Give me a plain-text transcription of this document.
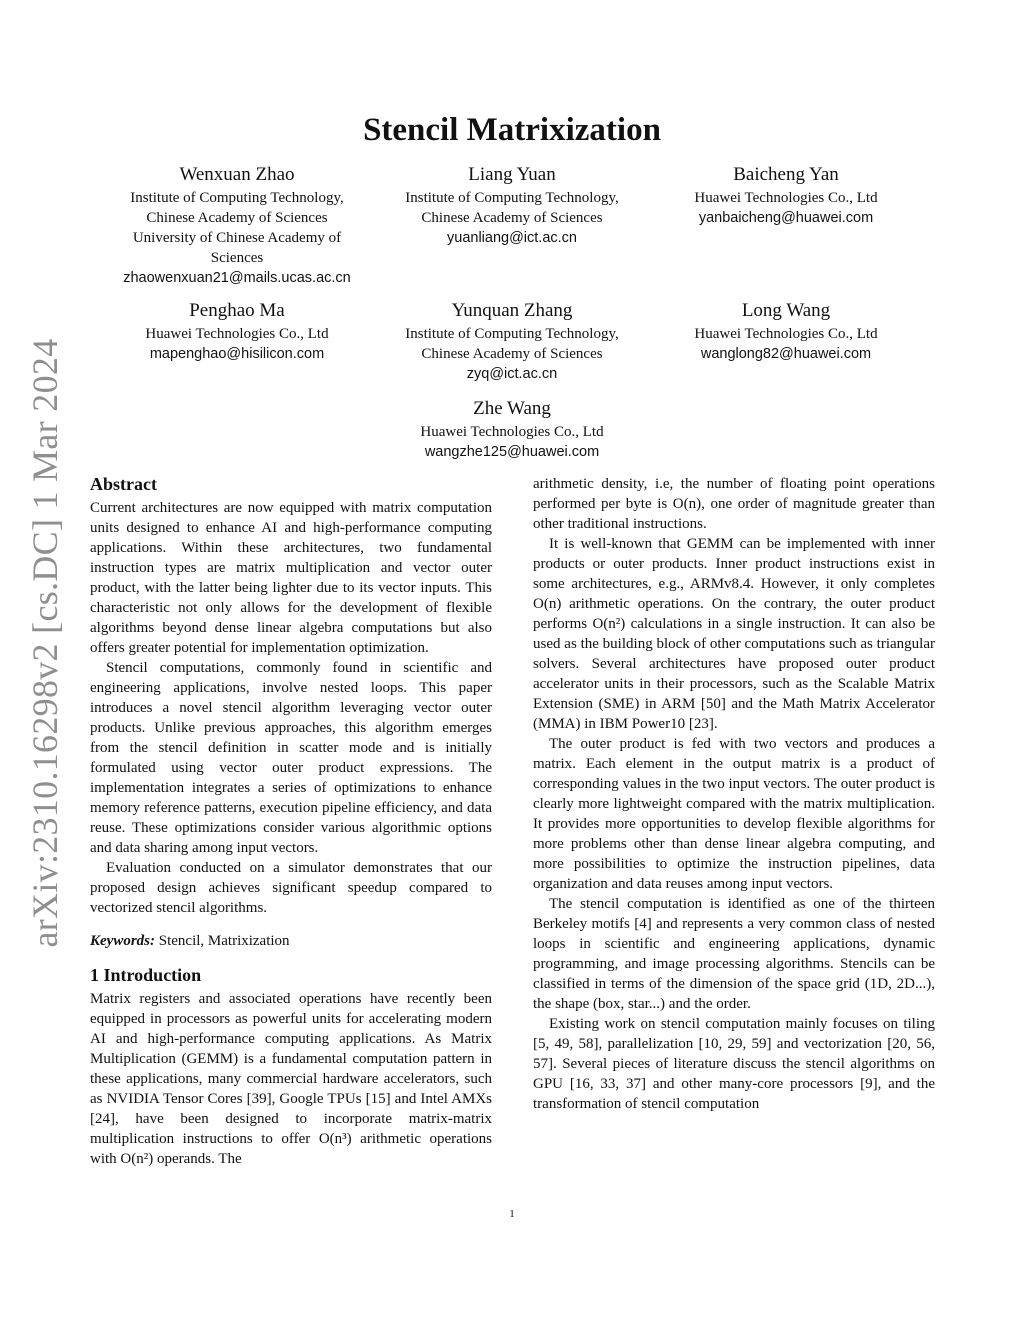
arXiv:2310.16298v2 [cs.DC] 1 Mar 2024
Stencil Matrixization
Wenxuan Zhao
Institute of Computing Technology,
Chinese Academy of Sciences
University of Chinese Academy of
Sciences
zhaowenxuan21@mails.ucas.ac.cn
Liang Yuan
Institute of Computing Technology,
Chinese Academy of Sciences
yuanliang@ict.ac.cn
Baicheng Yan
Huawei Technologies Co., Ltd
yanbaicheng@huawei.com
Penghao Ma
Huawei Technologies Co., Ltd
mapenghao@hisilicon.com
Yunquan Zhang
Institute of Computing Technology,
Chinese Academy of Sciences
zyq@ict.ac.cn
Long Wang
Huawei Technologies Co., Ltd
wanglong82@huawei.com
Zhe Wang
Huawei Technologies Co., Ltd
wangzhe125@huawei.com
Abstract

Current architectures are now equipped with matrix computation units designed to enhance AI and high-performance computing applications. Within these architectures, two fundamental instruction types are matrix multiplication and vector outer product, with the latter being lighter due to its vector inputs. This characteristic not only allows for the development of flexible algorithms beyond dense linear algebra computations but also offers greater potential for implementation optimization.

Stencil computations, commonly found in scientific and engineering applications, involve nested loops. This paper introduces a novel stencil algorithm leveraging vector outer products. Unlike previous approaches, this algorithm emerges from the stencil definition in scatter mode and is initially formulated using vector outer product expressions. The implementation integrates a series of optimizations to enhance memory reference patterns, execution pipeline efficiency, and data reuse. These optimizations consider various algorithmic options and data sharing among input vectors.

Evaluation conducted on a simulator demonstrates that our proposed design achieves significant speedup compared to vectorized stencil algorithms.

Keywords: Stencil, Matrixization

1 Introduction

Matrix registers and associated operations have recently been equipped in processors as powerful units for accelerating modern AI and high-performance computing applications. As Matrix Multiplication (GEMM) is a fundamental computation pattern in these applications, many commercial hardware accelerators, such as NVIDIA Tensor Cores [39], Google TPUs [15] and Intel AMXs [24], have been designed to incorporate matrix-matrix multiplication instructions to offer O(n³) arithmetic operations with O(n²) operands. The

arithmetic density, i.e, the number of floating point operations performed per byte is O(n), one order of magnitude greater than other traditional instructions.

It is well-known that GEMM can be implemented with inner products or outer products. Inner product instructions exist in some architectures, e.g., ARMv8.4. However, it only completes O(n) arithmetic operations. On the contrary, the outer product performs O(n²) calculations in a single instruction. It can also be used as the building block of other computations such as triangular solvers. Several architectures have proposed outer product accelerator units in their processors, such as the Scalable Matrix Extension (SME) in ARM [50] and the Math Matrix Accelerator (MMA) in IBM Power10 [23].

The outer product is fed with two vectors and produces a matrix. Each element in the output matrix is a product of corresponding values in the two input vectors. The outer product is clearly more lightweight compared with the matrix multiplication. It provides more opportunities to develop flexible algorithms for more problems other than dense linear algebra computing, and more possibilities to optimize the instruction pipelines, data organization and data reuses among input vectors.

The stencil computation is identified as one of the thirteen Berkeley motifs [4] and represents a very common class of nested loops in scientific and engineering applications, dynamic programming, and image processing algorithms. Stencils can be classified in terms of the dimension of the space grid (1D, 2D...), the shape (box, star...) and the order.

Existing work on stencil computation mainly focuses on tiling [5, 49, 58], parallelization [10, 29, 59] and vectorization [20, 56, 57]. Several pieces of literature discuss the stencil algorithms on GPU [16, 33, 37] and other many-core processors [9], and the transformation of stencil computation

1
